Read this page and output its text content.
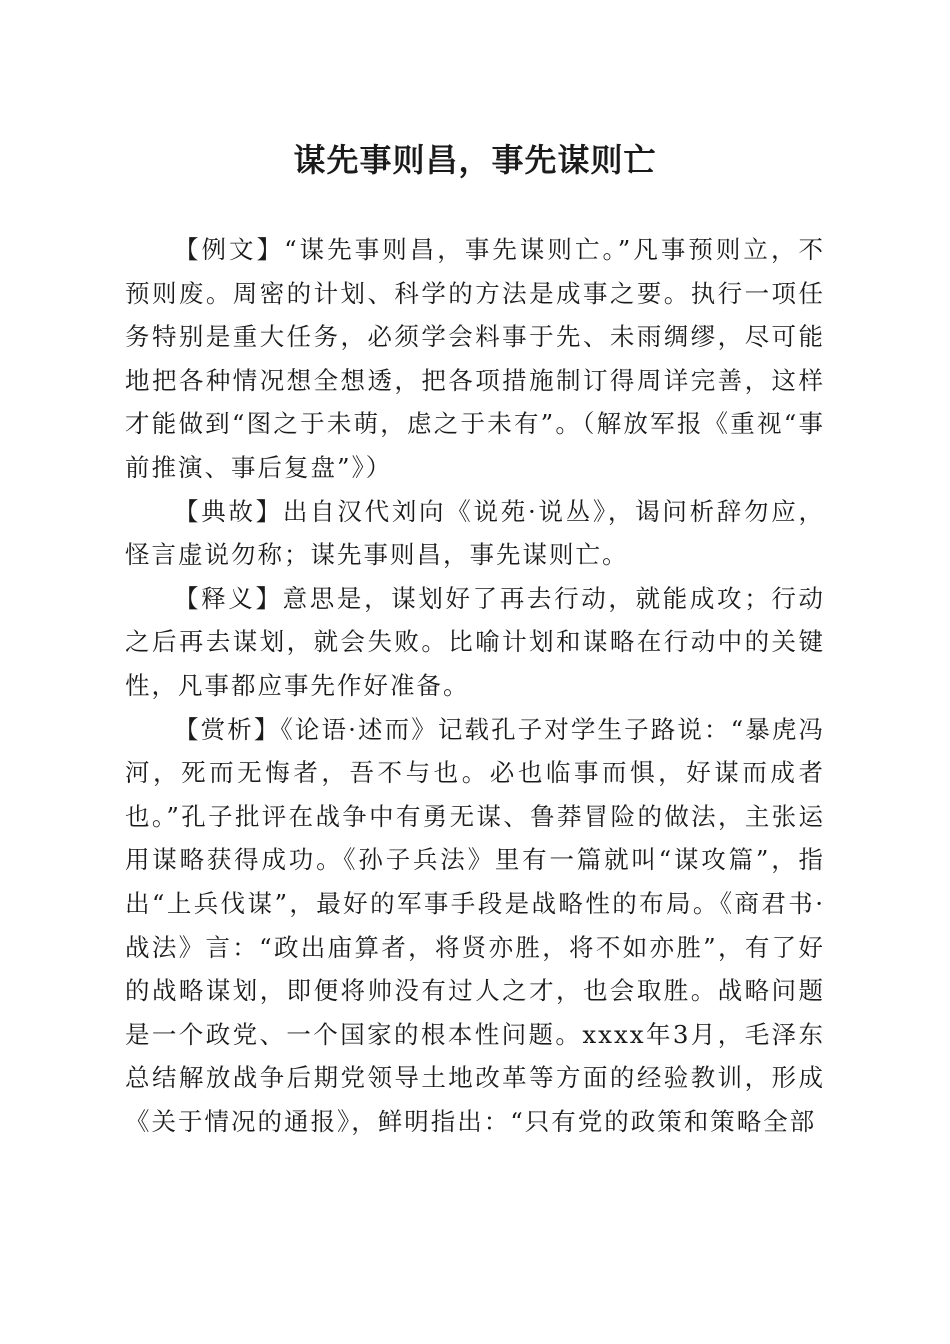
谋先事则昌，事先谋则亡

【例文】“谋先事则昌，事先谋则亡。”凡事预则立，不预则废。周密的计划、科学的方法是成事之要。执行一项任务特别是重大任务，必须学会料事于先、未雨绸缪，尽可能地把各种情况想全想透，把各项措施制订得周详完善，这样才能做到“图之于未萌，虑之于未有”。（解放军报《重视“事前推演、事后复盘”》）

【典故】出自汉代刘向《说苑·说丛》，谒问析辞勿应，怪言虚说勿称；谋先事则昌，事先谋则亡。

【释义】意思是，谋划好了再去行动，就能成攻；行动之后再去谋划，就会失败。比喻计划和谋略在行动中的关键性，凡事都应事先作好准备。

【赏析】《论语·述而》记载孔子对学生子路说：“暴虎冯河，死而无悔者，吾不与也。必也临事而惧，好谋而成者也。”孔子批评在战争中有勇无谋、鲁莽冒险的做法，主张运用谋略获得成功。《孙子兵法》里有一篇就叫“谋攻篇”，指出“上兵伐谋”，最好的军事手段是战略性的布局。《商君书·战法》言：“政出庙算者，将贤亦胜，将不如亦胜”，有了好的战略谋划，即便将帅没有过人之才，也会取胜。战略问题是一个政党、一个国家的根本性问题。xxxx年3月，毛泽东总结解放战争后期党领导土地改革等方面的经验教训，形成《关于情况的通报》，鲜明指出：“只有党的政策和策略全部
